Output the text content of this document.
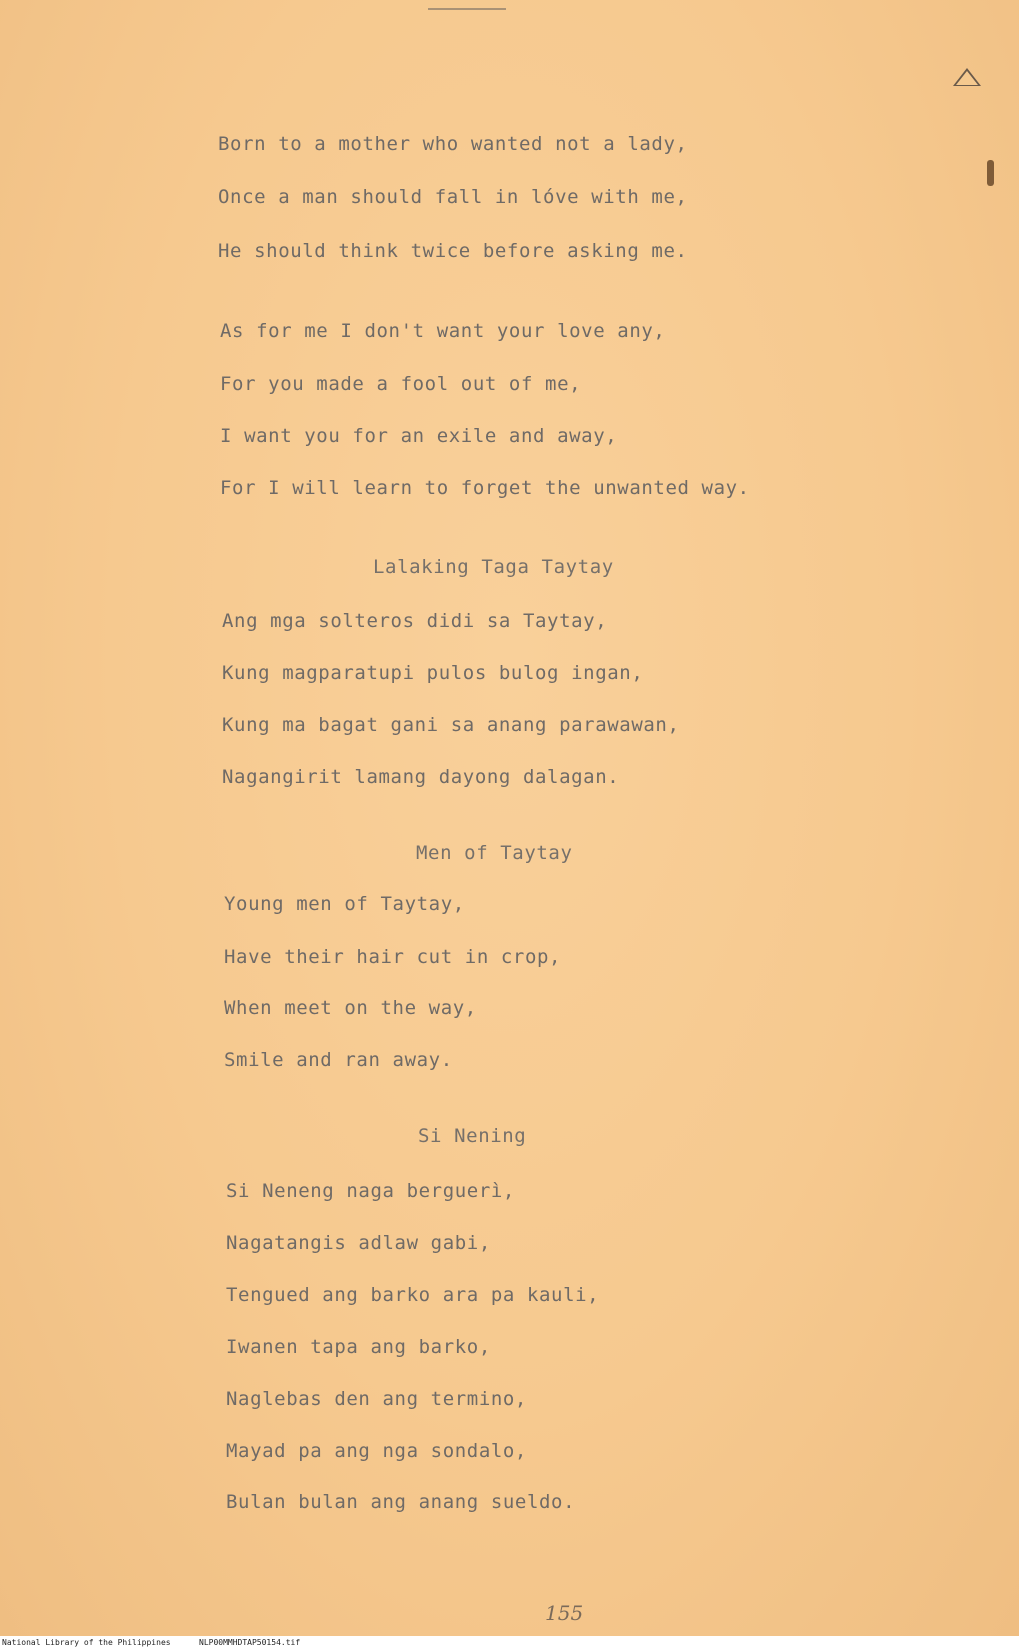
Born to a mother who wanted not a lady,
Once a man should fall in lóve with me,
He should think twice before asking me.
As for me I don't want your love any,
For you made a fool out of me,
I want you for an exile and away,
For I will learn to forget the unwanted way.
Lalaking Taga Taytay
Ang mga solteros didi sa Taytay,
Kung magparatupi pulos bulog ingan,
Kung ma bagat gani sa anang parawawan,
Nagangirit lamang dayong dalagan.
Men of Taytay
Young men of Taytay,
Have their hair cut in crop,
When meet on the way,
Smile and ran away.
Si Nening
Si Neneng naga berguerì,
Nagatangis adlaw gabi,
Tengued ang barko ara pa kauli,
Iwanen tapa ang barko,
Naglebas den ang termino,
Mayad pa ang nga sondalo,
Bulan bulan ang anang sueldo.
155
National Library of the Philippines	NLP00MMHDTAP50154.tif
